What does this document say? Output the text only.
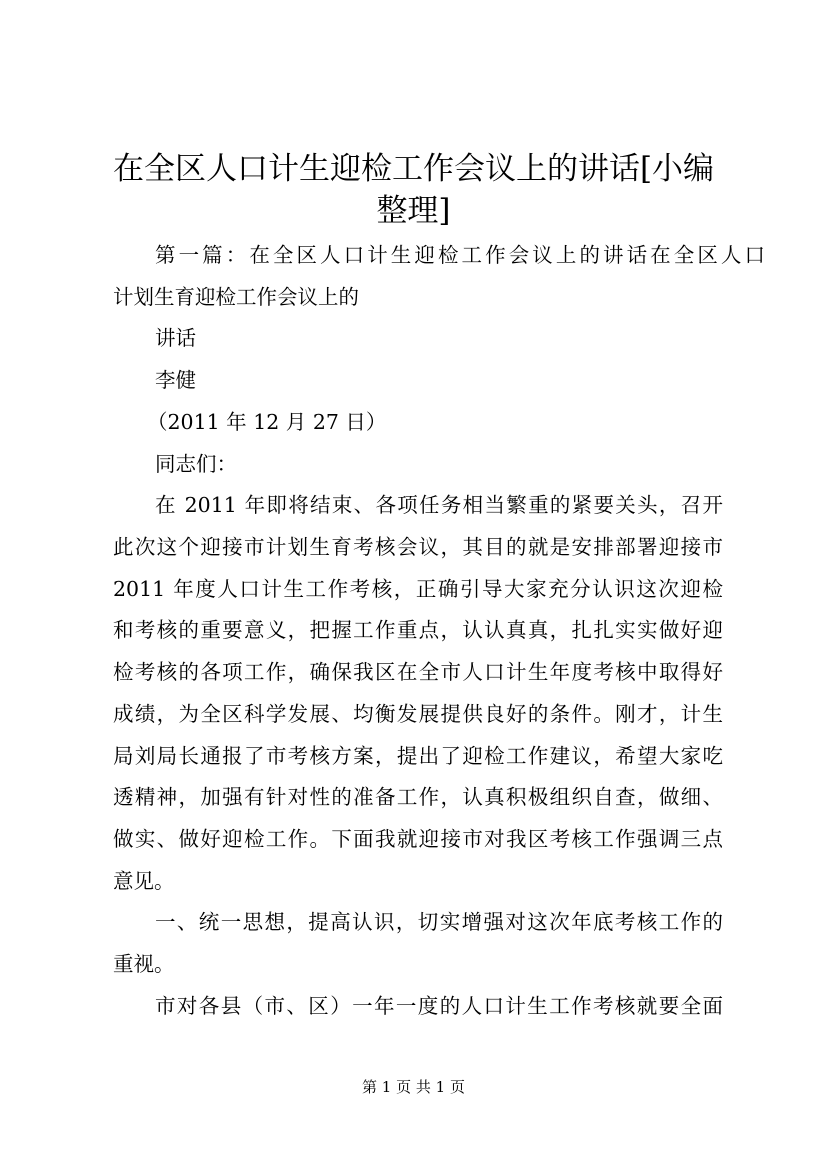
在全区人口计生迎检工作会议上的讲话[小编
整理]

第一篇：在全区人口计生迎检工作会议上的讲话在全区人口

计划生育迎检工作会议上的

讲话

李健

（2011 年 12 月 27 日）

同志们：

在 2011 年即将结束、各项任务相当繁重的紧要关头，召开

此次这个迎接市计划生育考核会议，其目的就是安排部署迎接市

2011 年度人口计生工作考核，正确引导大家充分认识这次迎检

和考核的重要意义，把握工作重点，认认真真，扎扎实实做好迎

检考核的各项工作，确保我区在全市人口计生年度考核中取得好

成绩，为全区科学发展、均衡发展提供良好的条件。刚才，计生

局刘局长通报了市考核方案，提出了迎检工作建议，希望大家吃

透精神，加强有针对性的准备工作，认真积极组织自查，做细、

做实、做好迎检工作。下面我就迎接市对我区考核工作强调三点

意见。

一、统一思想，提高认识，切实增强对这次年底考核工作的

重视。

市对各县（市、区）一年一度的人口计生工作考核就要全面

第 1 页 共 1 页
